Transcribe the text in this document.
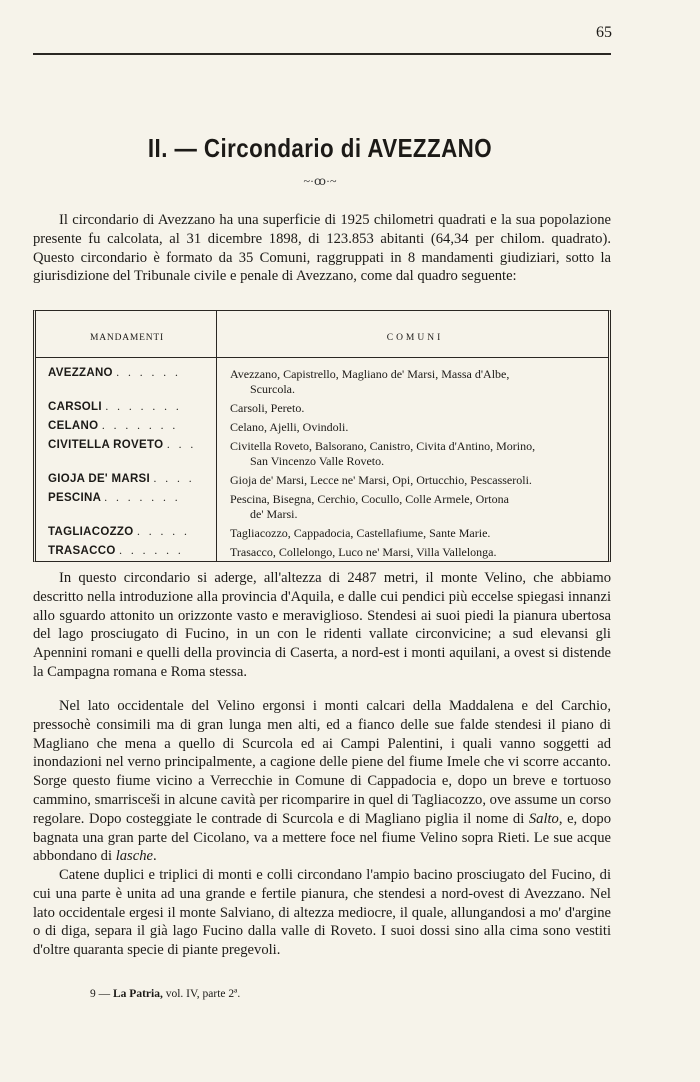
65
II. — Circondario di AVEZZANO
~·ꝏ·~
Il circondario di Avezzano ha una superficie di 1925 chilometri quadrati e la sua popolazione presente fu calcolata, al 31 dicembre 1898, di 123.853 abitanti (64,34 per chilom. quadrato). Questo circondario è formato da 35 Comuni, raggruppati in 8 mandamenti giudiziari, sotto la giurisdizione del Tribunale civile e penale di Avezzano, come dal quadro seguente:
MANDAMENTI	COMUNI
AVEZZANO . . . . . .	Avezzano, Capistrello, Magliano de' Marsi, Massa d'Albe,
Scurcola.
CARSOLI . . . . . . .	Carsoli, Pereto.
CELANO . . . . . . .	Celano, Ajelli, Ovindoli.
CIVITELLA ROVETO . . .	Civitella Roveto, Balsorano, Canistro, Civita d'Antino, Morino,
San Vincenzo Valle Roveto.
GIOJA DE' MARSI . . . .	Gioja de' Marsi, Lecce ne' Marsi, Opi, Ortucchio, Pescasseroli.
PESCINA . . . . . . .	Pescina, Bisegna, Cerchio, Cocullo, Colle Armele, Ortona
de' Marsi.
TAGLIACOZZO . . . . .	Tagliacozzo, Cappadocia, Castellafiume, Sante Marie.
TRASACCO . . . . . .	Trasacco, Collelongo, Luco ne' Marsi, Villa Vallelonga.
In questo circondario si aderge, all'altezza di 2487 metri, il monte Velino, che abbiamo descritto nella introduzione alla provincia d'Aquila, e dalle cui pendici più eccelse spiegasi innanzi allo sguardo attonito un orizzonte vasto e meraviglioso. Stendesi ai suoi piedi la pianura ubertosa del lago prosciugato di Fucino, in un con le ridenti vallate circonvicine; a sud elevansi gli Apennini romani e quelli della provincia di Caserta, a nord-est i monti aquilani, a ovest si distende la Campagna romana e Roma stessa.
Nel lato occidentale del Velino ergonsi i monti calcari della Maddalena e del Carchio, pressochè consimili ma di gran lunga men alti, ed a fianco delle sue falde stendesi il piano di Magliano che mena a quello di Scurcola ed ai Campi Palentini, i quali vanno soggetti ad inondazioni nel verno principalmente, a cagione delle piene del fiume Imele che vi scorre accanto. Sorge questo fiume vicino a Verrecchie in Comune di Cappadocia e, dopo un breve e tortuoso cammino, smarrisceši in alcune cavità per ricomparire in quel di Tagliacozzo, ove assume un corso regolare. Dopo costeggiate le contrade di Scurcola e di Magliano piglia il nome di Salto, e, dopo bagnata una gran parte del Cicolano, va a mettere foce nel fiume Velino sopra Rieti. Le sue acque abbondano di lasche.
Catene duplici e triplici di monti e colli circondano l'ampio bacino prosciugato del Fucino, di cui una parte è unita ad una grande e fertile pianura, che stendesi a nord-ovest di Avezzano. Nel lato occidentale ergesi il monte Salviano, di altezza mediocre, il quale, allungandosi a mo' d'argine o di diga, separa il già lago Fucino dalla valle di Roveto. I suoi dossi sino alla cima sono vestiti d'oltre quaranta specie di piante pregevoli.
9 — La Patria, vol. IV, parte 2ª.
